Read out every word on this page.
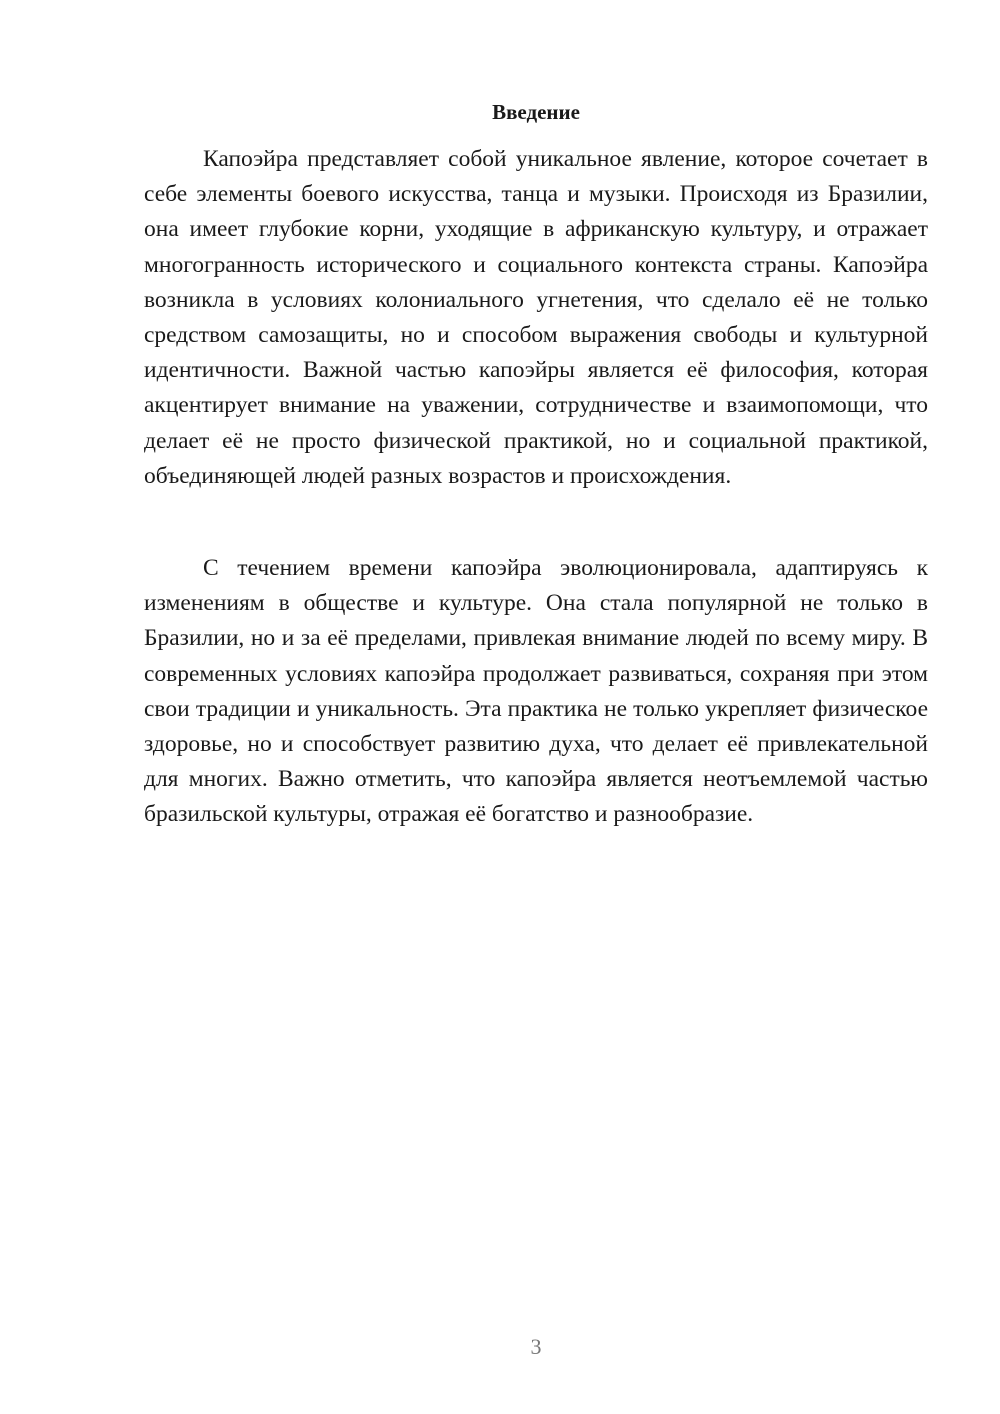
Введение

Капоэйра представляет собой уникальное явление, которое сочетает в себе элементы боевого искусства, танца и музыки. Происходя из Бразилии, она имеет глубокие корни, уходящие в африканскую культуру, и отражает многогранность исторического и социального контекста страны. Капоэйра возникла в условиях колониального угнетения, что сделало её не только средством самозащиты, но и способом выражения свободы и культурной идентичности. Важной частью капоэйры является её философия, которая акцентирует внимание на уважении, сотрудничестве и взаимопомощи, что делает её не просто физической практикой, но и социальной практикой, объединяющей людей разных возрастов и происхождения.

С течением времени капоэйра эволюционировала, адаптируясь к изменениям в обществе и культуре. Она стала популярной не только в Бразилии, но и за её пределами, привлекая внимание людей по всему миру. В современных условиях капоэйра продолжает развиваться, сохраняя при этом свои традиции и уникальность. Эта практика не только укрепляет физическое здоровье, но и способствует развитию духа, что делает её привлекательной для многих. Важно отметить, что капоэйра является неотъемлемой частью бразильской культуры, отражая её богатство и разнообразие.

3
